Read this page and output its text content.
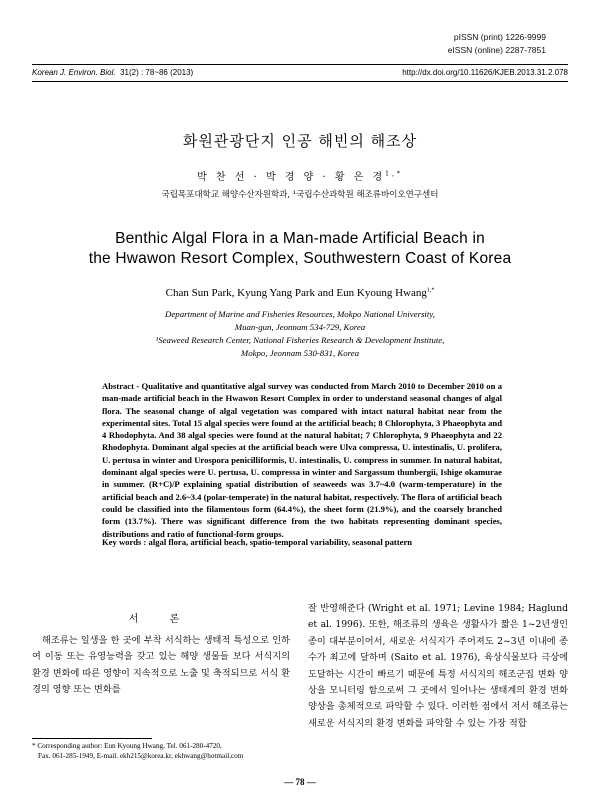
pISSN (print) 1226-9999
eISSN (online) 2287-7851
Korean J. Environ. Biol. 31(2) : 78~86 (2013)	http://dx.doi.org/10.11626/KJEB.2013.31.2.078
화원관광단지 인공 해빈의 해조상
박 찬 선 · 박 경 양 · 황 은 경$^{1,*}$
국립목포대학교 해양수산자원학과, ¹국립수산과학원 해조류바이오연구센터
Benthic Algal Flora in a Man-made Artificial Beach in
the Hwawon Resort Complex, Southwestern Coast of Korea
Chan Sun Park, Kyung Yang Park and Eun Kyoung Hwang$^{1,*}$
Department of Marine and Fisheries Resources, Mokpo National University,
Muan-gun, Jeonnam 534-729, Korea
¹Seaweed Research Center, National Fisheries Research & Development Institute,
Mokpo, Jeonnam 530-831, Korea
Abstract - Qualitative and quantitative algal survey was conducted from March 2010 to December 2010 on a man-made artificial beach in the Hwawon Resort Complex in order to understand seasonal changes of algal flora. The seasonal change of algal vegetation was compared with intact natural habitat near from the experimental sites. Total 15 algal species were found at the artificial beach; 8 Chlorophyta, 3 Phaeophyta and 4 Rhodophyta. And 38 algal species were found at the natural habitat; 7 Chlorophyta, 9 Phaeophyta and 22 Rhodophyta. Dominant algal species at the artificial beach were Ulva compressa, U. intestinalis, U. prolifera, U. pertusa in winter and Urospora penicilliformis, U. intestinalis, U. compress in summer. In natural habitat, dominant algal species were U. pertusa, U. compressa in winter and Sargassum thunbergii, Ishige okamurae in summer. (R+C)/P explaining spatial distribution of seaweeds was 3.7~4.0 (warm-temperature) in the artificial beach and 2.6~3.4 (polar-temperate) in the natural habitat, respectively. The flora of artificial beach could be classified into the filamentous form (64.4%), the sheet form (21.9%), and the coarsely branched form (13.7%). There was significant difference from the two habitats representing dominant species, distributions and ratio of functional-form groups.
Key words : algal flora, artificial beach, spatio-temporal variability, seasonal pattern
서 론
해조류는 일생을 한 곳에 부착 서식하는 생태적 특성으로 인하여 이동 또는 유영능력을 갖고 있는 해양 생물들 보다 서식지의 환경 변화에 따른 영향이 지속적으로 노출 및 축적되므로 서식 환경의 영향 또는 변화를
잘 반영해준다 (Wright et al. 1971; Levine 1984; Haglund et al. 1996). 또한, 해조류의 생육은 생활사가 짧은 1~2년생인 종이 대부분이어서, 새로운 서식지가 주어져도 2~3년 이내에 종수가 최고에 달하며 (Saito et al. 1976), 육상식물보다 극상에 도달하는 시간이 빠르기 때문에 특정 서식지의 해조군집 변화 양상을 모니터링 함으로써 그 곳에서 일어나는 생태계의 환경 변화 양상을 총체적으로 파악할 수 있다. 이러한 점에서 저서 해조류는 새로운 서식지의 환경 변화를 파악할 수 있는 가장 적합
* Corresponding author: Eun Kyoung Hwang, Tel. 061-280-4720,
Fax. 061-285-1949, E-mail. ekh215@korea.kr, ekhwang@hotmail.com
— 78 —
